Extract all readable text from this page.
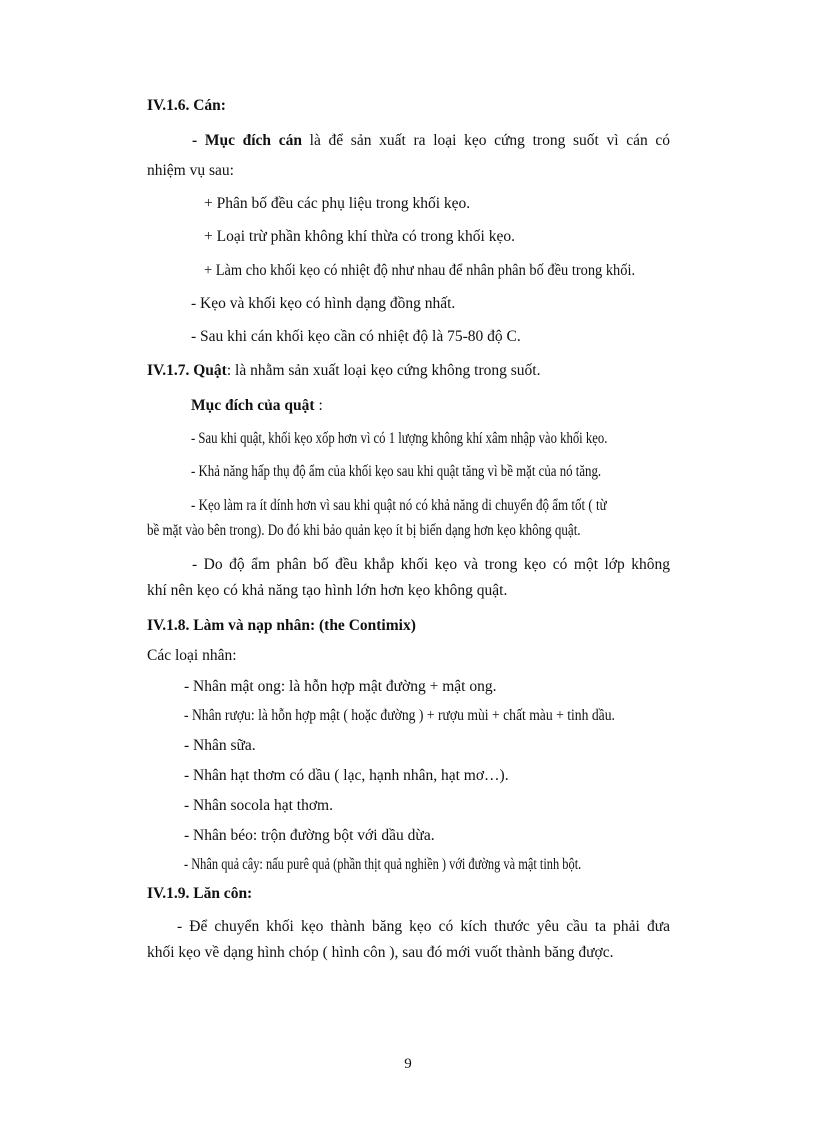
IV.1.6. Cán:
- Mục đích cán là để sản xuất ra loại kẹo cứng trong suốt vì cán có
nhiệm vụ sau:
+ Phân bố đều các phụ liệu trong khối kẹo.
+ Loại trừ phần không khí thừa có trong khối kẹo.
+ Làm cho khối kẹo có nhiệt độ như nhau để nhân phân bố đều trong khối.
- Kẹo và khối kẹo có hình dạng đồng nhất.
- Sau khi cán khối kẹo cần có nhiệt độ là 75-80 độ C.
IV.1.7. Quật: là nhằm sản xuất loại kẹo cứng không trong suốt.
Mục đích của quật :
- Sau khi quật, khối kẹo xốp hơn vì có 1 lượng không khí xâm nhập vào khối kẹo.
- Khả năng hấp thụ độ ẩm của khối kẹo sau khi quật tăng vì bề mặt của nó tăng.
- Kẹo làm ra ít dính hơn vì sau khi quật nó có khả năng di chuyển độ ẩm tốt ( từ
bề mặt vào bên trong). Do đó khi bảo quản kẹo ít bị biến dạng hơn kẹo không quật.
- Do độ ẩm phân bố đều khắp khối kẹo và trong kẹo có một lớp không
khí nên kẹo có khả năng tạo hình lớn hơn kẹo không quật.
IV.1.8. Làm và nạp nhân: (the Contimix)
Các loại nhân:
- Nhân mật ong: là hỗn hợp mật đường + mật ong.
- Nhân rượu: là hỗn hợp mật ( hoặc đường ) + rượu mùi + chất màu + tinh dầu.
- Nhân sữa.
- Nhân hạt thơm có dầu ( lạc, hạnh nhân, hạt mơ…).
- Nhân socola hạt thơm.
- Nhân béo: trộn đường bột với dầu dừa.
- Nhân quả cây: nấu purê quả (phần thịt quả nghiền ) với đường và mật tinh bột.
IV.1.9. Lăn côn:
- Để chuyển khối kẹo thành băng kẹo có kích thước yêu cầu ta phải đưa
khối kẹo về dạng hình chóp ( hình côn ), sau đó mới vuốt thành băng được.
9
